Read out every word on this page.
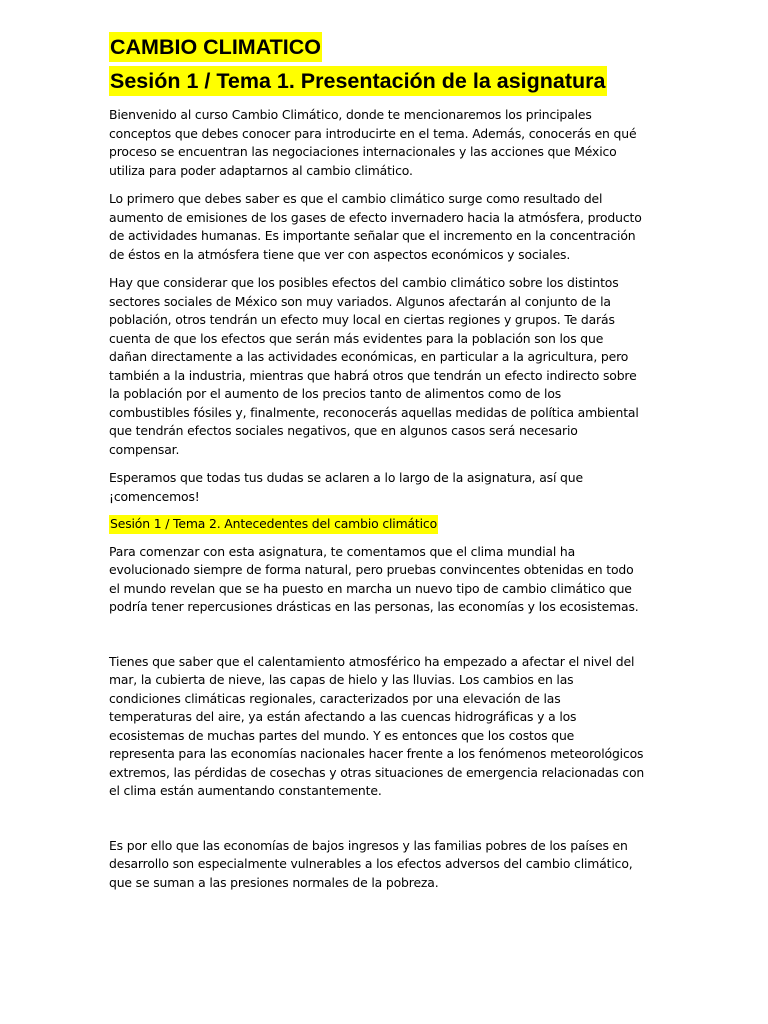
CAMBIO CLIMATICO
Sesión 1 / Tema 1. Presentación de la asignatura

Bienvenido al curso Cambio Climático, donde te mencionaremos los principales
conceptos que debes conocer para introducirte en el tema. Además, conocerás en qué
proceso se encuentran las negociaciones internacionales y las acciones que México
utiliza para poder adaptarnos al cambio climático.

Lo primero que debes saber es que el cambio climático surge como resultado del
aumento de emisiones de los gases de efecto invernadero hacia la atmósfera, producto
de actividades humanas. Es importante señalar que el incremento en la concentración
de éstos en la atmósfera tiene que ver con aspectos económicos y sociales.

Hay que considerar que los posibles efectos del cambio climático sobre los distintos
sectores sociales de México son muy variados. Algunos afectarán al conjunto de la
población, otros tendrán un efecto muy local en ciertas regiones y grupos. Te darás
cuenta de que los efectos que serán más evidentes para la población son los que
dañan directamente a las actividades económicas, en particular a la agricultura, pero
también a la industria, mientras que habrá otros que tendrán un efecto indirecto sobre
la población por el aumento de los precios tanto de alimentos como de los
combustibles fósiles y, finalmente, reconocerás aquellas medidas de política ambiental
que tendrán efectos sociales negativos, que en algunos casos será necesario
compensar.

Esperamos que todas tus dudas se aclaren a lo largo de la asignatura, así que
¡comencemos!

Sesión 1 / Tema 2. Antecedentes del cambio climático

Para comenzar con esta asignatura, te comentamos que el clima mundial ha
evolucionado siempre de forma natural, pero pruebas convincentes obtenidas en todo
el mundo revelan que se ha puesto en marcha un nuevo tipo de cambio climático que
podría tener repercusiones drásticas en las personas, las economías y los ecosistemas.

Tienes que saber que el calentamiento atmosférico ha empezado a afectar el nivel del
mar, la cubierta de nieve, las capas de hielo y las lluvias. Los cambios en las
condiciones climáticas regionales, caracterizados por una elevación de las
temperaturas del aire, ya están afectando a las cuencas hidrográficas y a los
ecosistemas de muchas partes del mundo. Y es entonces que los costos que
representa para las economías nacionales hacer frente a los fenómenos meteorológicos
extremos, las pérdidas de cosechas y otras situaciones de emergencia relacionadas con
el clima están aumentando constantemente.

Es por ello que las economías de bajos ingresos y las familias pobres de los países en
desarrollo son especialmente vulnerables a los efectos adversos del cambio climático,
que se suman a las presiones normales de la pobreza.
